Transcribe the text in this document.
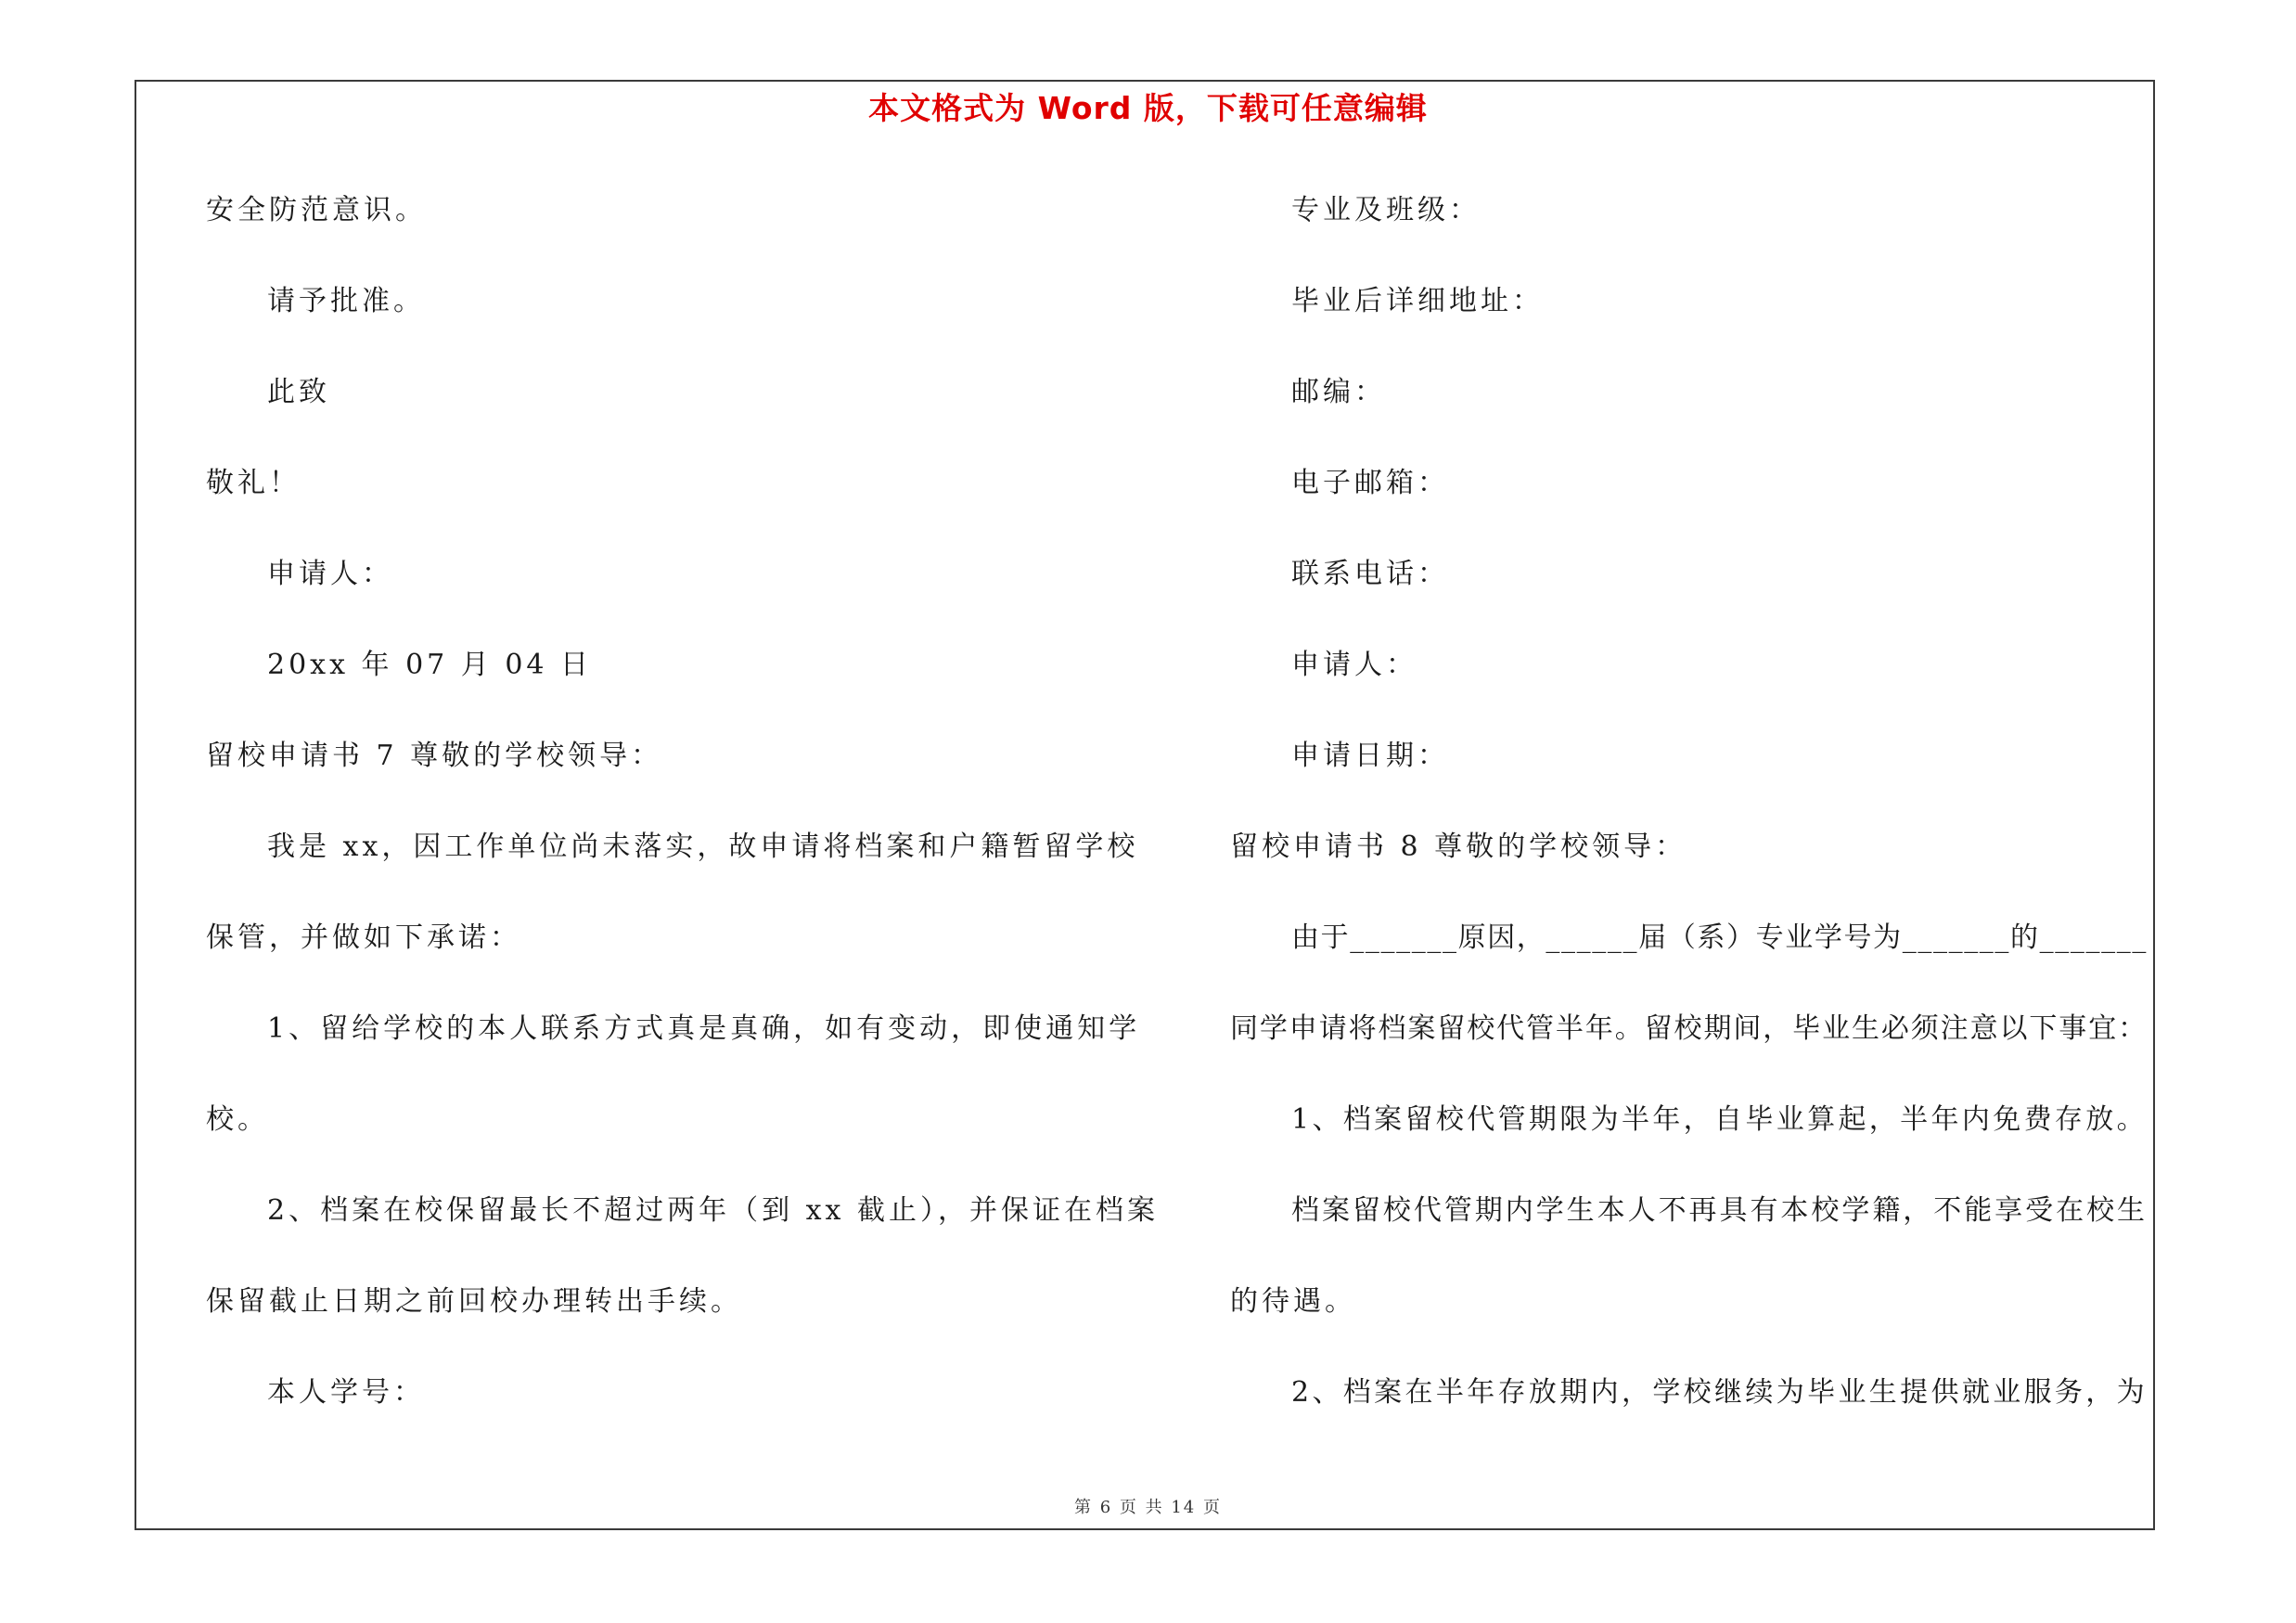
本文格式为 Word 版，下载可任意编辑
安全防范意识。
请予批准。
此致
敬礼！
申请人：
20xx 年 07 月 04 日
留校申请书 7 尊敬的学校领导：
我是 xx，因工作单位尚未落实，故申请将档案和户籍暂留学校
保管，并做如下承诺：
1、留给学校的本人联系方式真是真确，如有变动，即使通知学
校。
2、档案在校保留最长不超过两年（到 xx 截止），并保证在档案
保留截止日期之前回校办理转出手续。
本人学号：
专业及班级：
毕业后详细地址：
邮编：
电子邮箱：
联系电话：
申请人：
申请日期：
留校申请书 8 尊敬的学校领导：
由于_______原因，______届（系）专业学号为_______的_______
同学申请将档案留校代管半年。留校期间，毕业生必须注意以下事宜：
1、档案留校代管期限为半年，自毕业算起，半年内免费存放。
档案留校代管期内学生本人不再具有本校学籍，不能享受在校生
的待遇。
2、档案在半年存放期内，学校继续为毕业生提供就业服务，为
第 6 页 共 14 页
